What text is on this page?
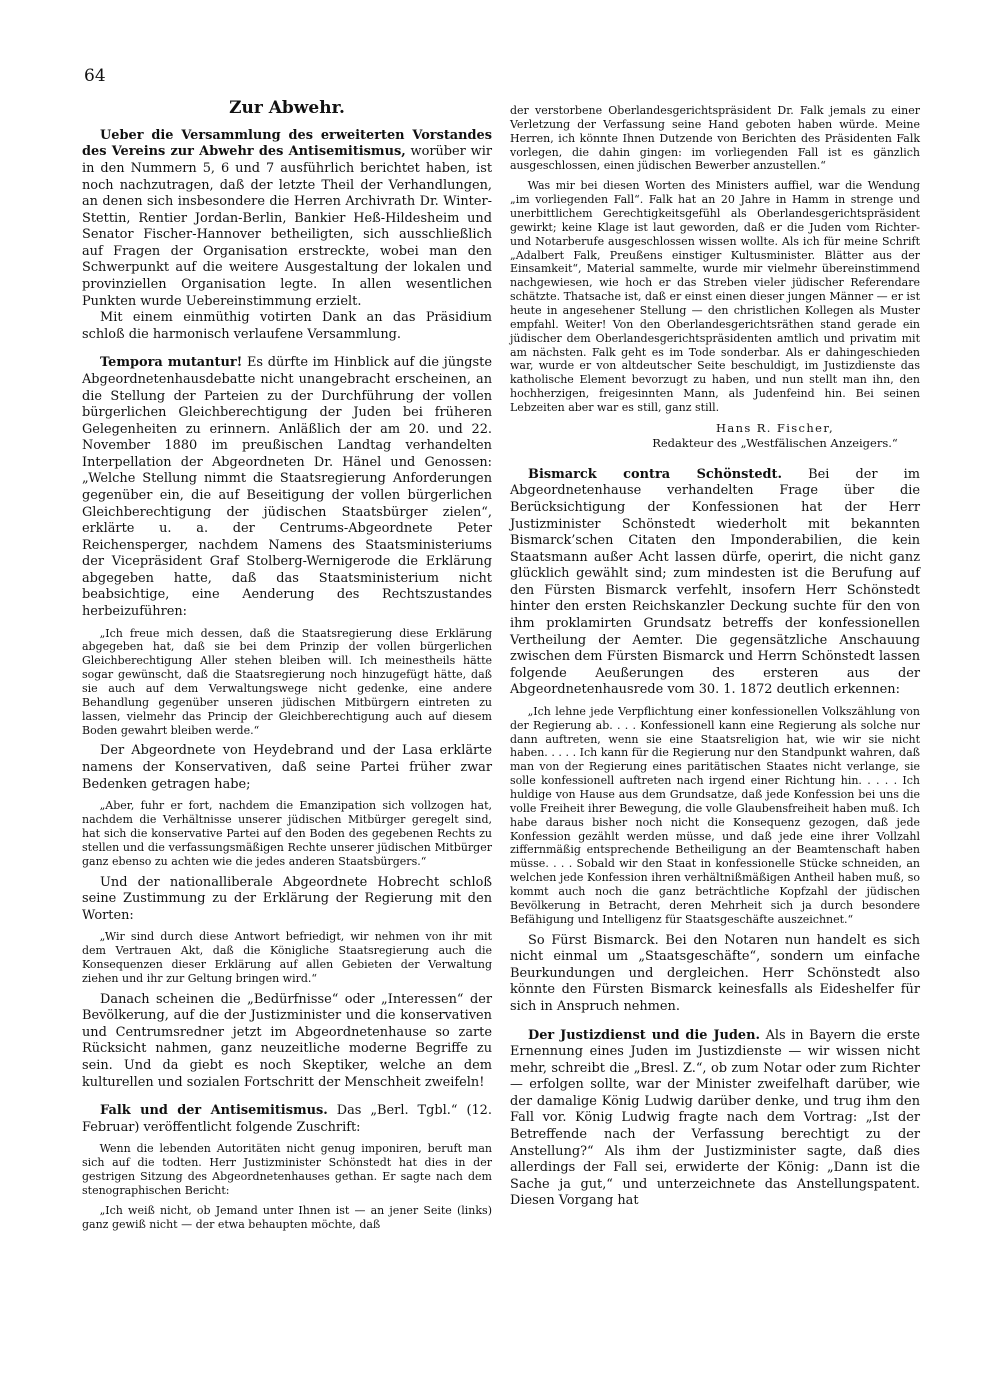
64
Zur Abwehr.

Ueber die Versammlung des erweiterten Vorstandes des Vereins zur Abwehr des Antisemitismus, worüber wir in den Nummern 5, 6 und 7 ausführlich berichtet haben, ist noch nachzutragen, daß der letzte Theil der Verhandlungen, an denen sich insbesondere die Herren Archivrath Dr. Winter-Stettin, Rentier Jordan-Berlin, Bankier Heß-Hildesheim und Senator Fischer-Hannover betheiligten, sich ausschließlich auf Fragen der Organisation erstreckte, wobei man den Schwerpunkt auf die weitere Ausgestaltung der lokalen und provinziellen Organisation legte. In allen wesentlichen Punkten wurde Uebereinstimmung erzielt.

Mit einem einmüthig votirten Dank an das Präsidium schloß die harmonisch verlaufene Versammlung.

Tempora mutantur! Es dürfte im Hinblick auf die jüngste Abgeordnetenhausdebatte nicht unangebracht erscheinen, an die Stellung der Parteien zu der Durchführung der vollen bürgerlichen Gleichberechtigung der Juden bei früheren Gelegenheiten zu erinnern. Anläßlich der am 20. und 22. November 1880 im preußischen Landtag verhandelten Interpellation der Abgeordneten Dr. Hänel und Genossen: „Welche Stellung nimmt die Staatsregierung Anforderungen gegenüber ein, die auf Beseitigung der vollen bürgerlichen Gleichberechtigung der jüdischen Staatsbürger zielen“, erklärte u. a. der Centrums-Abgeordnete Peter Reichensperger, nachdem Namens des Staatsministeriums der Vicepräsident Graf Stolberg-Wernigerode die Erklärung abgegeben hatte, daß das Staatsministerium nicht beabsichtige, eine Aenderung des Rechtszustandes herbeizuführen:

„Ich freue mich dessen, daß die Staatsregierung diese Erklärung abgegeben hat, daß sie bei dem Prinzip der vollen bürgerlichen Gleichberechtigung Aller stehen bleiben will. Ich meinestheils hätte sogar gewünscht, daß die Staatsregierung noch hinzugefügt hätte, daß sie auch auf dem Verwaltungswege nicht gedenke, eine andere Behandlung gegenüber unseren jüdischen Mitbürgern eintreten zu lassen, vielmehr das Princip der Gleichberechtigung auch auf diesem Boden gewahrt bleiben werde.“

Der Abgeordnete von Heydebrand und der Lasa erklärte namens der Konservativen, daß seine Partei früher zwar Bedenken getragen habe;

„Aber, fuhr er fort, nachdem die Emanzipation sich vollzogen hat, nachdem die Verhältnisse unserer jüdischen Mitbürger geregelt sind, hat sich die konservative Partei auf den Boden des gegebenen Rechts zu stellen und die verfassungsmäßigen Rechte unserer jüdischen Mitbürger ganz ebenso zu achten wie die jedes anderen Staatsbürgers.“

Und der nationalliberale Abgeordnete Hobrecht schloß seine Zustimmung zu der Erklärung der Regierung mit den Worten:

„Wir sind durch diese Antwort befriedigt, wir nehmen von ihr mit dem Vertrauen Akt, daß die Königliche Staatsregierung auch die Konsequenzen dieser Erklärung auf allen Gebieten der Verwaltung ziehen und ihr zur Geltung bringen wird.“

Danach scheinen die „Bedürfnisse“ oder „Interessen“ der Bevölkerung, auf die der Justizminister und die konservativen und Centrumsredner jetzt im Abgeordnetenhause so zarte Rücksicht nahmen, ganz neuzeitliche moderne Begriffe zu sein. Und da giebt es noch Skeptiker, welche an dem kulturellen und sozialen Fortschritt der Menschheit zweifeln!

Falk und der Antisemitismus. Das „Berl. Tgbl.“ (12. Februar) veröffentlicht folgende Zuschrift:

Wenn die lebenden Autoritäten nicht genug imponiren, beruft man sich auf die todten. Herr Justizminister Schönstedt hat dies in der gestrigen Sitzung des Abgeordnetenhauses gethan. Er sagte nach dem stenographischen Bericht:

„Ich weiß nicht, ob Jemand unter Ihnen ist — an jener Seite (links) ganz gewiß nicht — der etwa behaupten möchte, daß

der verstorbene Oberlandesgerichtspräsident Dr. Falk jemals zu einer Verletzung der Verfassung seine Hand geboten haben würde. Meine Herren, ich könnte Ihnen Dutzende von Berichten des Präsidenten Falk vorlegen, die dahin gingen: im vorliegenden Fall ist es gänzlich ausgeschlossen, einen jüdischen Bewerber anzustellen.“

Was mir bei diesen Worten des Ministers auffiel, war die Wendung „im vorliegenden Fall“. Falk hat an 20 Jahre in Hamm in strenge und unerbittlichem Gerechtigkeitsgefühl als Oberlandesgerichtspräsident gewirkt; keine Klage ist laut geworden, daß er die Juden vom Richter- und Notarberufe ausgeschlossen wissen wollte. Als ich für meine Schrift „Adalbert Falk, Preußens einstiger Kultusminister. Blätter aus der Einsamkeit“, Material sammelte, wurde mir vielmehr übereinstimmend nachgewiesen, wie hoch er das Streben vieler jüdischer Referendare schätzte. Thatsache ist, daß er einst einen dieser jungen Männer — er ist heute in angesehener Stellung — den christlichen Kollegen als Muster empfahl. Weiter! Von den Oberlandesgerichtsräthen stand gerade ein jüdischer dem Oberlandesgerichtspräsidenten amtlich und privatim mit am nächsten. Falk geht es im Tode sonderbar. Als er dahingeschieden war, wurde er von altdeutscher Seite beschuldigt, im Justizdienste das katholische Element bevorzugt zu haben, und nun stellt man ihn, den hochherzigen, freigesinnten Mann, als Judenfeind hin. Bei seinen Lebzeiten aber war es still, ganz still.

Hans R. Fischer,
Redakteur des „Westfälischen Anzeigers.“

Bismarck contra Schönstedt. Bei der im Abgeordnetenhause verhandelten Frage über die Berücksichtigung der Konfessionen hat der Herr Justizminister Schönstedt wiederholt mit bekannten Bismarck’schen Citaten den Imponderabilien, die kein Staatsmann außer Acht lassen dürfe, operirt, die nicht ganz glücklich gewählt sind; zum mindesten ist die Berufung auf den Fürsten Bismarck verfehlt, insofern Herr Schönstedt hinter den ersten Reichskanzler Deckung suchte für den von ihm proklamirten Grundsatz betreffs der konfessionellen Vertheilung der Aemter. Die gegensätzliche Anschauung zwischen dem Fürsten Bismarck und Herrn Schönstedt lassen folgende Aeußerungen des ersteren aus der Abgeordnetenhausrede vom 30. 1. 1872 deutlich erkennen:

„Ich lehne jede Verpflichtung einer konfessionellen Volkszählung von der Regierung ab. . . . Konfessionell kann eine Regierung als solche nur dann auftreten, wenn sie eine Staatsreligion hat, wie wir sie nicht haben. . . . . Ich kann für die Regierung nur den Standpunkt wahren, daß man von der Regierung eines paritätischen Staates nicht verlange, sie solle konfessionell auftreten nach irgend einer Richtung hin. . . . . Ich huldige von Hause aus dem Grundsatze, daß jede Konfession bei uns die volle Freiheit ihrer Bewegung, die volle Glaubensfreiheit haben muß. Ich habe daraus bisher noch nicht die Konsequenz gezogen, daß jede Konfession gezählt werden müsse, und daß jede eine ihrer Vollzahl ziffernmäßig entsprechende Betheiligung an der Beamtenschaft haben müsse. . . . Sobald wir den Staat in konfessionelle Stücke schneiden, an welchen jede Konfession ihren verhältnißmäßigen Antheil haben muß, so kommt auch noch die ganz beträchtliche Kopfzahl der jüdischen Bevölkerung in Betracht, deren Mehrheit sich ja durch besondere Befähigung und Intelligenz für Staatsgeschäfte auszeichnet.“

So Fürst Bismarck. Bei den Notaren nun handelt es sich nicht einmal um „Staatsgeschäfte“, sondern um einfache Beurkundungen und dergleichen. Herr Schönstedt also könnte den Fürsten Bismarck keinesfalls als Eideshelfer für sich in Anspruch nehmen.

Der Justizdienst und die Juden. Als in Bayern die erste Ernennung eines Juden im Justizdienste — wir wissen nicht mehr, schreibt die „Bresl. Z.“, ob zum Notar oder zum Richter — erfolgen sollte, war der Minister zweifelhaft darüber, wie der damalige König Ludwig darüber denke, und trug ihm den Fall vor. König Ludwig fragte nach dem Vortrag: „Ist der Betreffende nach der Verfassung berechtigt zu der Anstellung?“ Als ihm der Justizminister sagte, daß dies allerdings der Fall sei, erwiderte der König: „Dann ist die Sache ja gut,“ und unterzeichnete das Anstellungspatent. Diesen Vorgang hat
